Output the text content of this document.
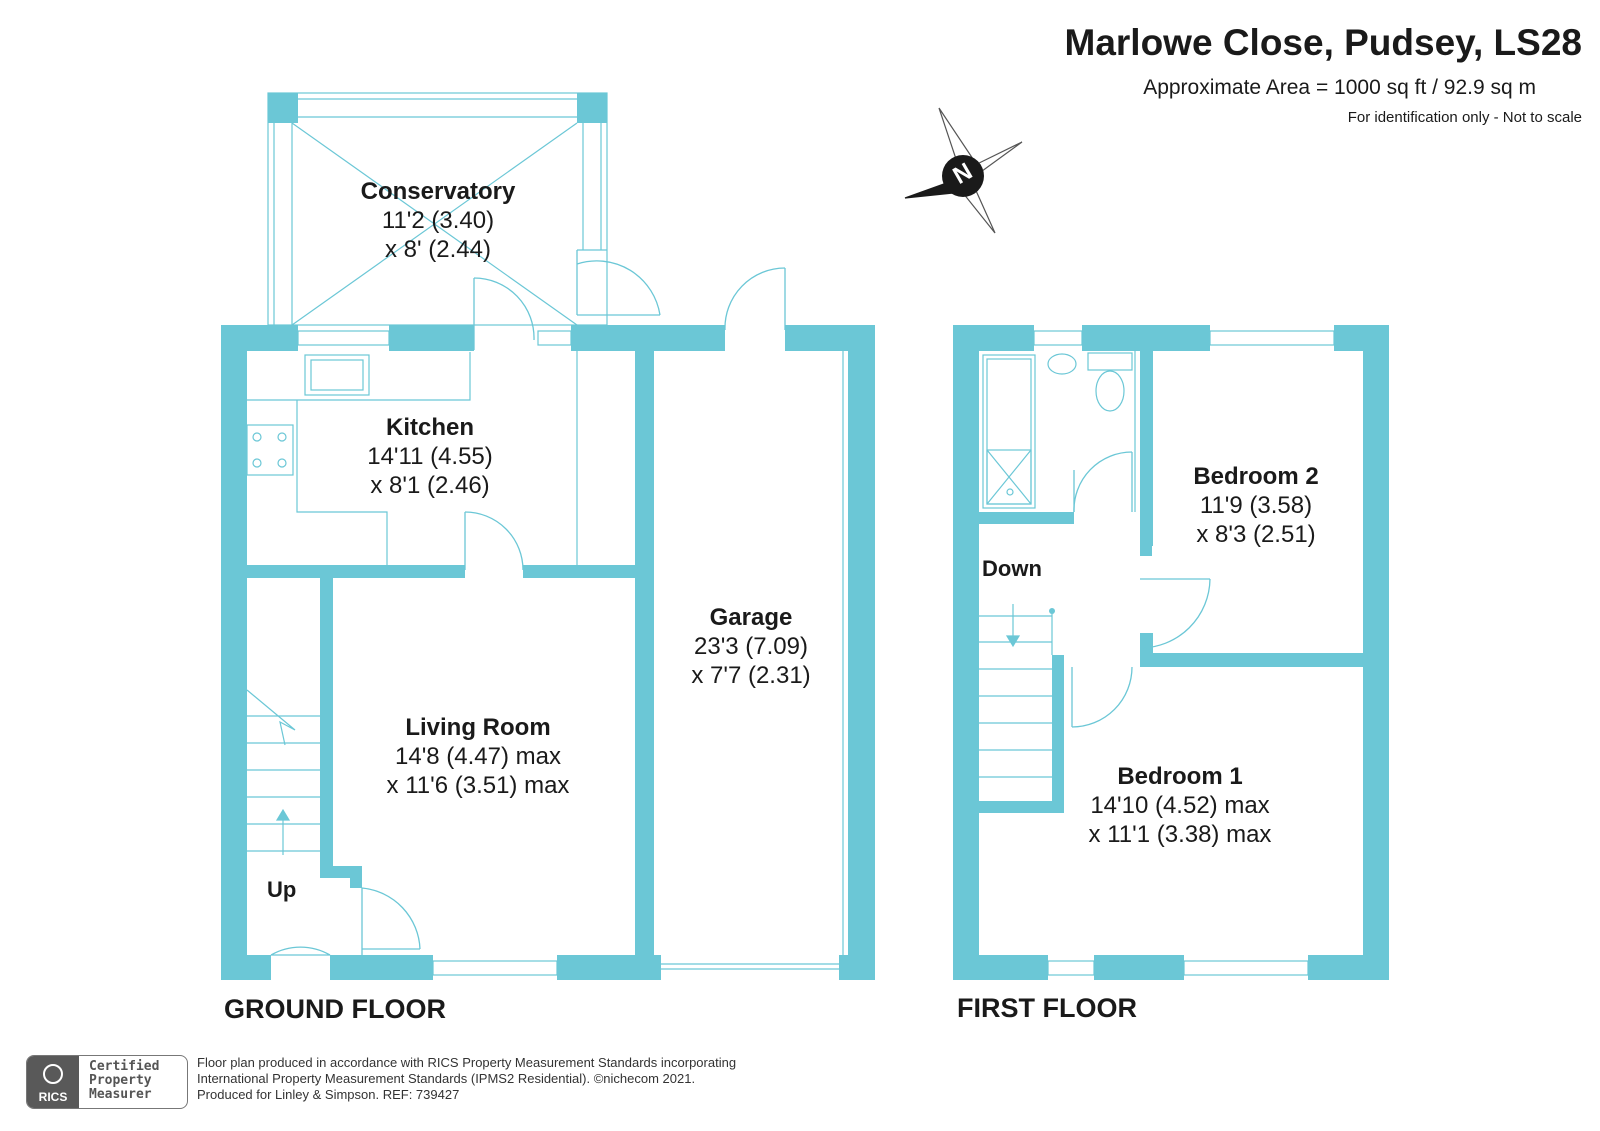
Marlowe Close, Pudsey, LS28
Approximate Area = 1000 sq ft / 92.9 sq m
For identification only - Not to scale
N
Conservatory
11'2 (3.40)
x 8' (2.44)
Kitchen
14'11 (4.55)
x 8'1 (2.46)
Garage
23'3 (7.09)
x 7'7 (2.31)
Living Room
14'8 (4.47) max
x 11'6 (3.51) max
Bedroom 2
11'9 (3.58)
x 8'3 (2.51)
Bedroom 1
14'10 (4.52) max
x 11'1 (3.38) max
Up
Down
GROUND FLOOR	FIRST FLOOR
RICS
Certified
Property
Measurer
Floor plan produced in accordance with RICS Property Measurement Standards incorporating
International Property Measurement Standards (IPMS2 Residential). ©nichecom 2021.
Produced for Linley & Simpson. REF: 739427
